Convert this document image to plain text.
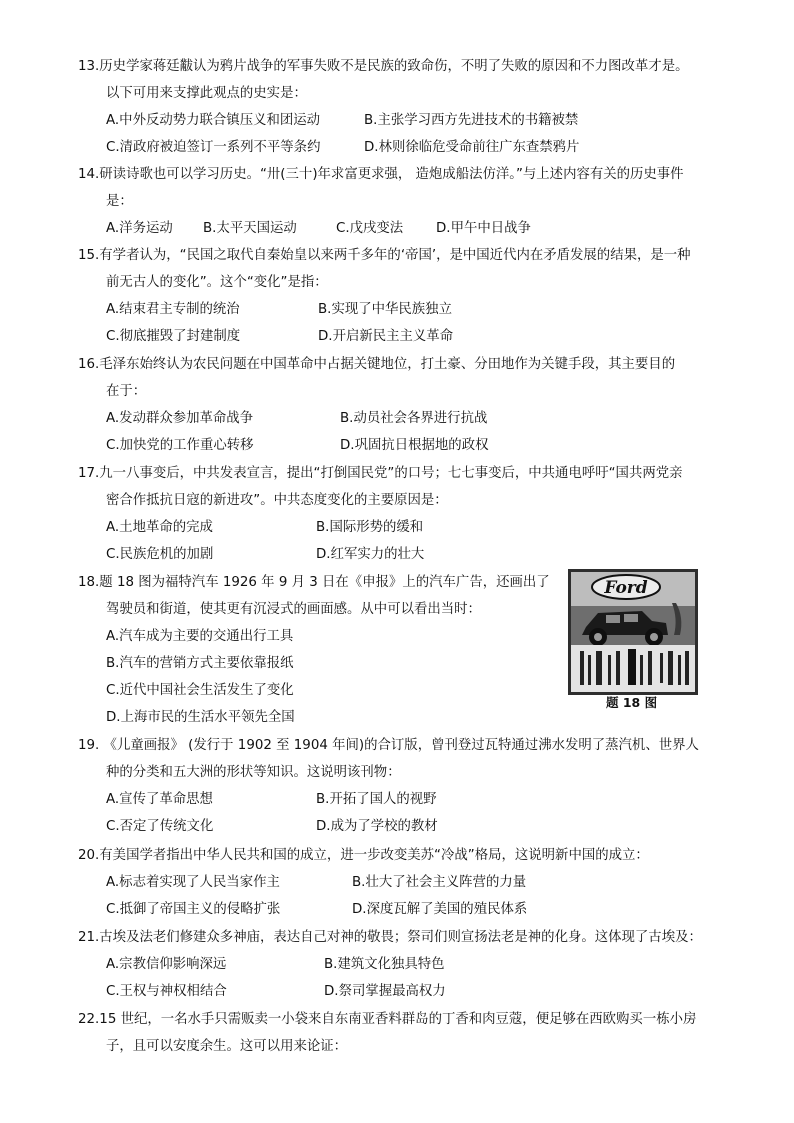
13.历史学家蒋廷黻认为鸦片战争的军事失败不是民族的致命伤，不明了失败的原因和不力图改革才是。
以下可用来支撑此观点的史实是：
A.中外反动势力联合镇压义和团运动	B.主张学习西方先进技术的书籍被禁
C.清政府被迫签订一系列不平等条约	D.林则徐临危受命前往广东查禁鸦片
14.研读诗歌也可以学习历史。“卅(三十)年求富更求强， 造炮成船法仿洋。”与上述内容有关的历史事件
是：
A.洋务运动 B.太平天国运动	C.戊戌变法 D.甲午中日战争
15.有学者认为，“民国之取代自秦始皇以来两千多年的‘帝国’，是中国近代内在矛盾发展的结果，是一种
前无古人的变化”。这个“变化”是指：
A.结束君主专制的统治	B.实现了中华民族独立
C.彻底摧毁了封建制度	D.开启新民主主义革命
16.毛泽东始终认为农民问题在中国革命中占据关键地位，打土豪、分田地作为关键手段，其主要目的
在于：
A.发动群众参加革命战争	B.动员社会各界进行抗战
C.加快党的工作重心转移	D.巩固抗日根据地的政权
17.九一八事变后，中共发表宣言，提出“打倒国民党”的口号；七七事变后，中共通电呼吁“国共两党亲
密合作抵抗日寇的新进攻”。中共态度变化的主要原因是：
A.土地革命的完成	B.国际形势的缓和
C.民族危机的加剧	D.红军实力的壮大
18.题 18 图为福特汽车 1926 年 9 月 3 日在《申报》上的汽车广告，还画出了
驾驶员和街道，使其更有沉浸式的画面感。从中可以看出当时：
A.汽车成为主要的交通出行工具
B.汽车的营销方式主要依靠报纸
C.近代中国社会生活发生了变化
D.上海市民的生活水平领先全国
Ford
题 18 图
19. 《儿童画报》 (发行于 1902 至 1904 年间)的合订版，曾刊登过瓦特通过沸水发明了蒸汽机、世界人
种的分类和五大洲的形状等知识。这说明该刊物：
A.宣传了革命思想	B.开拓了国人的视野
C.否定了传统文化	D.成为了学校的教材
20.有美国学者指出中华人民共和国的成立，进一步改变美苏“冷战”格局，这说明新中国的成立：
A.标志着实现了人民当家作主	B.壮大了社会主义阵营的力量
C.抵御了帝国主义的侵略扩张	D.深度瓦解了美国的殖民体系
21.古埃及法老们修建众多神庙，表达自己对神的敬畏；祭司们则宣扬法老是神的化身。这体现了古埃及：
A.宗教信仰影响深远	B.建筑文化独具特色
C.王权与神权相结合	D.祭司掌握最高权力
22.15 世纪，一名水手只需贩卖一小袋来自东南亚香料群岛的丁香和肉豆蔻，便足够在西欧购买一栋小房
子，且可以安度余生。这可以用来论证：
